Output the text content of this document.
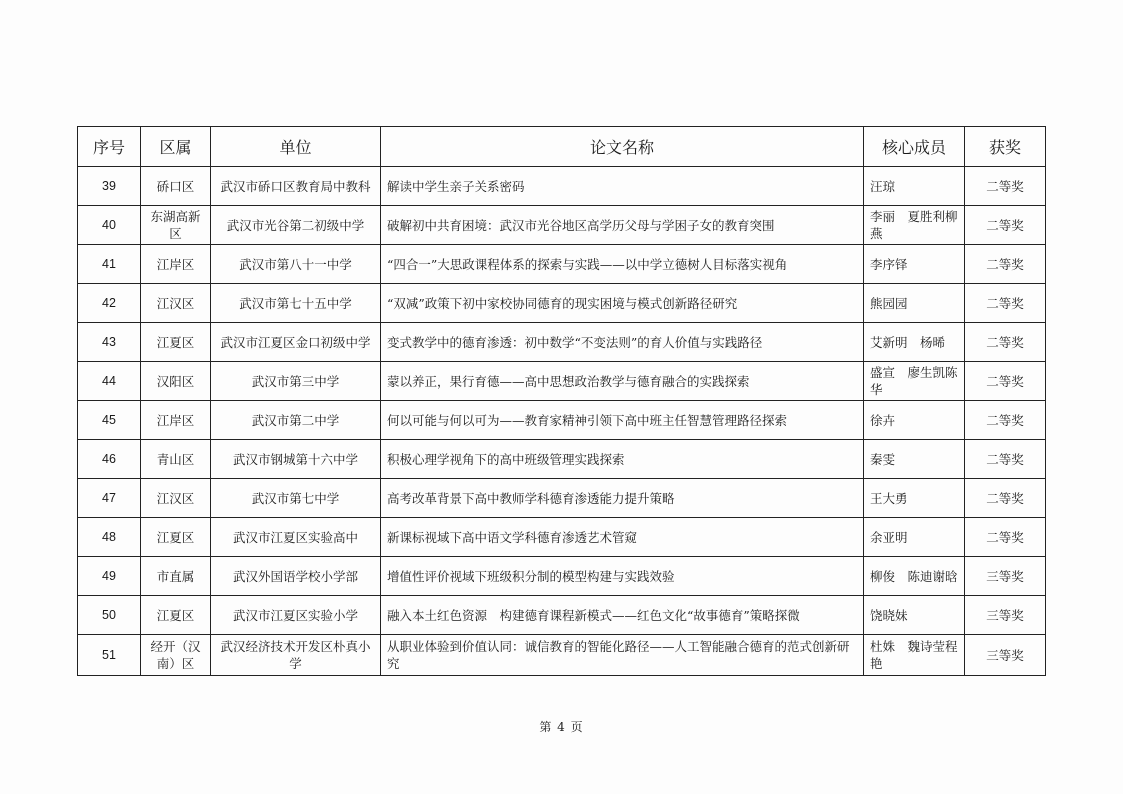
序号	区属	单位	论文名称	核心成员	获奖
39	硚口区	武汉市硚口区教育局中教科	解读中学生亲子关系密码	汪琼	二等奖
40	东湖高新区	武汉市光谷第二初级中学	破解初中共育困境：武汉市光谷地区高学历父母与学困子女的教育突围	李丽　夏胜利柳燕	二等奖
41	江岸区	武汉市第八十一中学	“四合一”大思政课程体系的探索与实践——以中学立德树人目标落实视角	李序铎	二等奖
42	江汉区	武汉市第七十五中学	“双减”政策下初中家校协同德育的现实困境与模式创新路径研究	熊园园	二等奖
43	江夏区	武汉市江夏区金口初级中学	变式教学中的德育渗透：初中数学“不变法则”的育人价值与实践路径	艾新明　杨晞	二等奖
44	汉阳区	武汉市第三中学	蒙以养正，果行育德——高中思想政治教学与德育融合的实践探索	盛宣　廖生凯陈华	二等奖
45	江岸区	武汉市第二中学	何以可能与何以可为——教育家精神引领下高中班主任智慧管理路径探索	徐卉	二等奖
46	青山区	武汉市钢城第十六中学	积极心理学视角下的高中班级管理实践探索	秦雯	二等奖
47	江汉区	武汉市第七中学	高考改革背景下高中教师学科德育渗透能力提升策略	王大勇	二等奖
48	江夏区	武汉市江夏区实验高中	新课标视域下高中语文学科德育渗透艺术管窥	余亚明	二等奖
49	市直属	武汉外国语学校小学部	增值性评价视域下班级积分制的模型构建与实践效验	柳俊　陈迪谢晗	三等奖
50	江夏区	武汉市江夏区实验小学	融入本土红色资源　构建德育课程新模式——红色文化“故事德育”策略探微	饶晓妹	三等奖
51	经开（汉南）区	武汉经济技术开发区朴真小学	从职业体验到价值认同：诚信教育的智能化路径——人工智能融合德育的范式创新研究	杜姝　魏诗莹程艳	三等奖
第 4 页
